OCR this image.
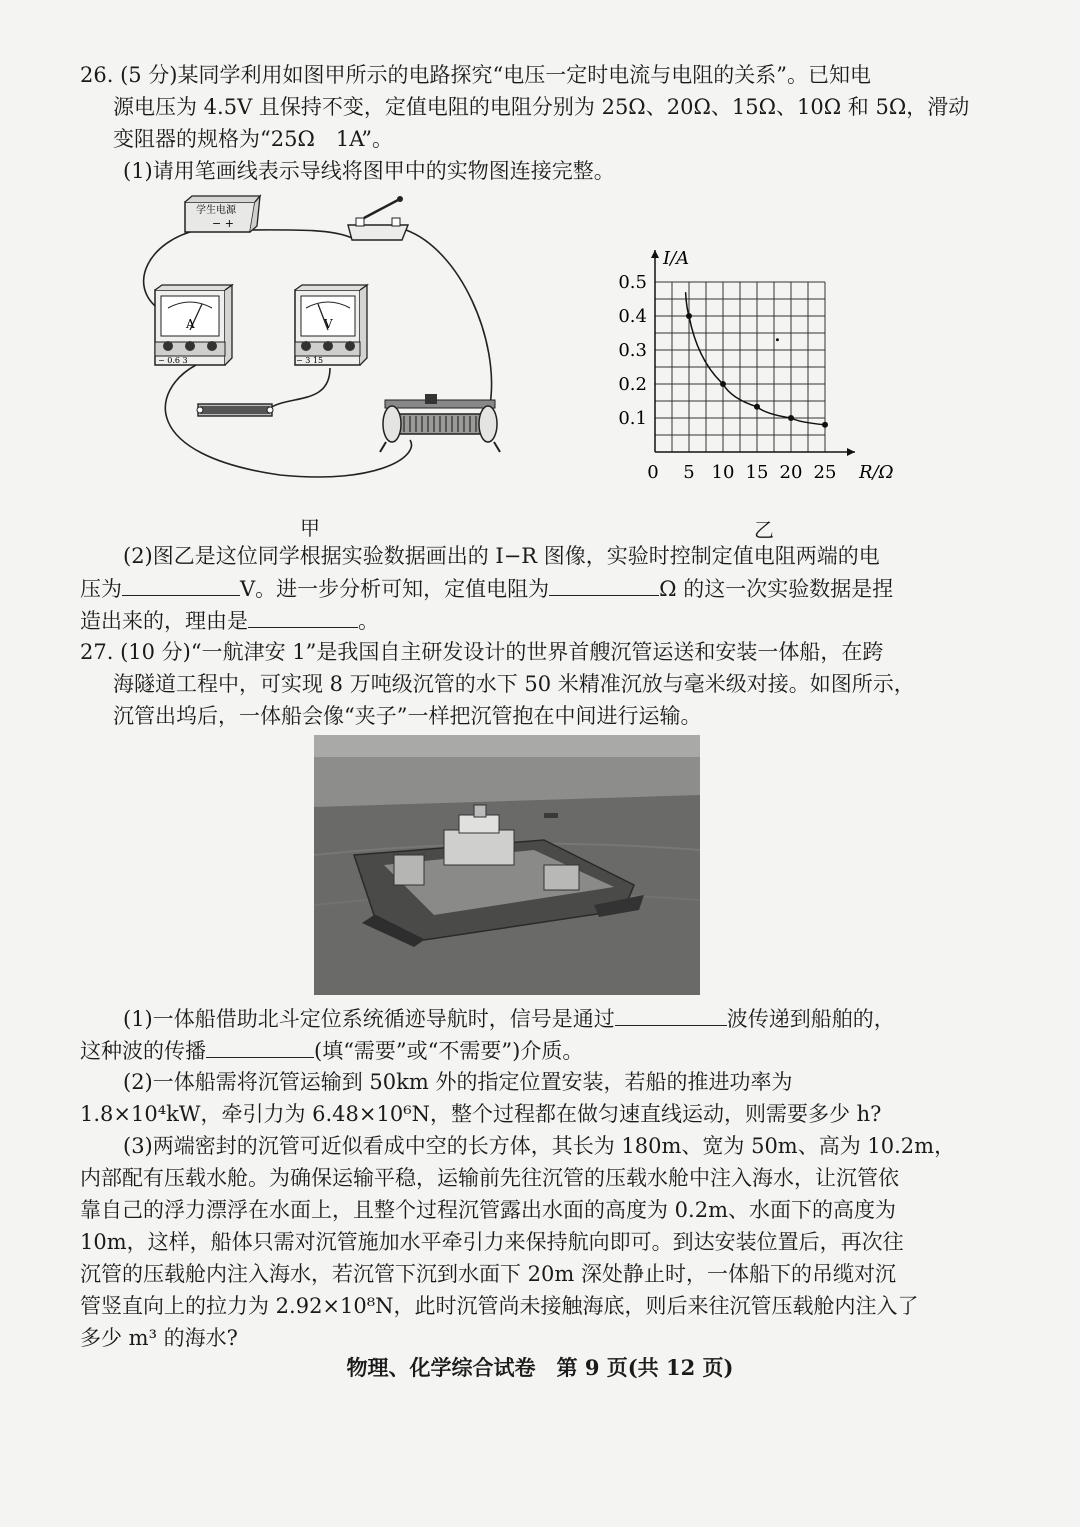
26. (5 分)某同学利用如图甲所示的电路探究“电压一定时电流与电阻的关系”。已知电
源电压为 4.5V 且保持不变，定值电阻的电阻分别为 25Ω、20Ω、15Ω、10Ω 和 5Ω，滑动
变阻器的规格为“25Ω　1A”。
(1)请用笔画线表示导线将图甲中的实物图连接完整。
学生电源
− +
A
− 0.6 3
V
− 3 15
甲
5 10 15 20 25
0.1
0.2
0.3
0.4
0.5
0	R/Ω
I/A
乙
(2)图乙是这位同学根据实验数据画出的 I−R 图像，实验时控制定值电阻两端的电
压为	V。进一步分析可知，定值电阻为	Ω 的这一次实验数据是捏
造出来的，理由是	。
27. (10 分)“一航津安 1”是我国自主研发设计的世界首艘沉管运送和安装一体船，在跨
海隧道工程中，可实现 8 万吨级沉管的水下 50 米精准沉放与毫米级对接。如图所示，
沉管出坞后，一体船会像“夹子”一样把沉管抱在中间进行运输。
(1)一体船借助北斗定位系统循迹导航时，信号是通过	波传递到船舶的，
这种波的传播	(填“需要”或“不需要”)介质。
(2)一体船需将沉管运输到 50km 外的指定位置安装，若船的推进功率为
1.8×10⁴kW，牵引力为 6.48×10⁶N，整个过程都在做匀速直线运动，则需要多少 h?
(3)两端密封的沉管可近似看成中空的长方体，其长为 180m、宽为 50m、高为 10.2m，
内部配有压载水舱。为确保运输平稳，运输前先往沉管的压载水舱中注入海水，让沉管依
靠自己的浮力漂浮在水面上，且整个过程沉管露出水面的高度为 0.2m、水面下的高度为
10m，这样，船体只需对沉管施加水平牵引力来保持航向即可。到达安装位置后，再次往
沉管的压载舱内注入海水，若沉管下沉到水面下 20m 深处静止时，一体船下的吊缆对沉
管竖直向上的拉力为 2.92×10⁸N，此时沉管尚未接触海底，则后来往沉管压载舱内注入了
多少 m³ 的海水?
物理、化学综合试卷　第 9 页(共 12 页)
